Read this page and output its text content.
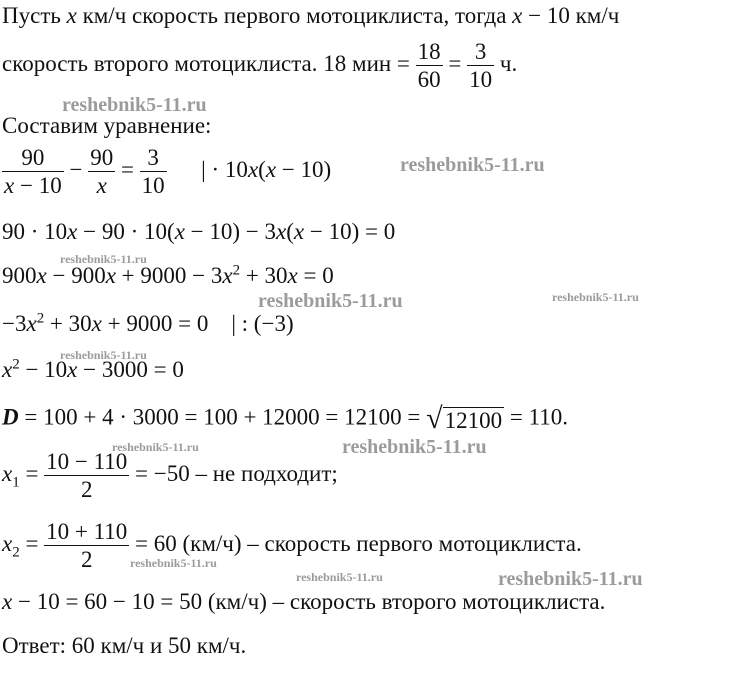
Пусть x км/ч скорость первого мотоциклиста, тогда x − 10 км/ч
скорость второго мотоциклиста. 18 мин = $\frac{18}{60} = \frac{3}{10} ч$.
Составим уравнение:
$\frac{90}{x - 10} - \frac{90}{x} = \frac{3}{10}$ | · 10x(x − 10)
90 · 10x − 90 · 10(x − 10) − 3x(x − 10) = 0
$900x - 900x + 9000 - 3x^2 + 30x = 0$
$-3x^2 + 30x + 9000 = 0$    | : (−3)
$x^2 - 10x - 3000 = 0$
D = 100 + 4 · 3000 = 100 + 12000 = 12100 = √12100 = 110.
$x_1 = \frac{10 - 110}{2} = -50$ – не подходит;
$x_2 = \frac{10 + 110}{2} = 60$ (км/ч) – скорость первого мотоциклиста.
x − 10 = 60 − 10 = 50 (км/ч) – скорость второго мотоциклиста.
Ответ: 60 км/ч и 50 км/ч.
reshebnik5-11.ru
reshebnik5-11.ru
reshebnik5-11.ru
reshebnik5-11.ru	reshebnik5-11.ru
reshebnik5-11.ru
reshebnik5-11.ru	reshebnik5-11.ru
reshebnik5-11.ru
reshebnik5-11.ru	reshebnik5-11.ru
